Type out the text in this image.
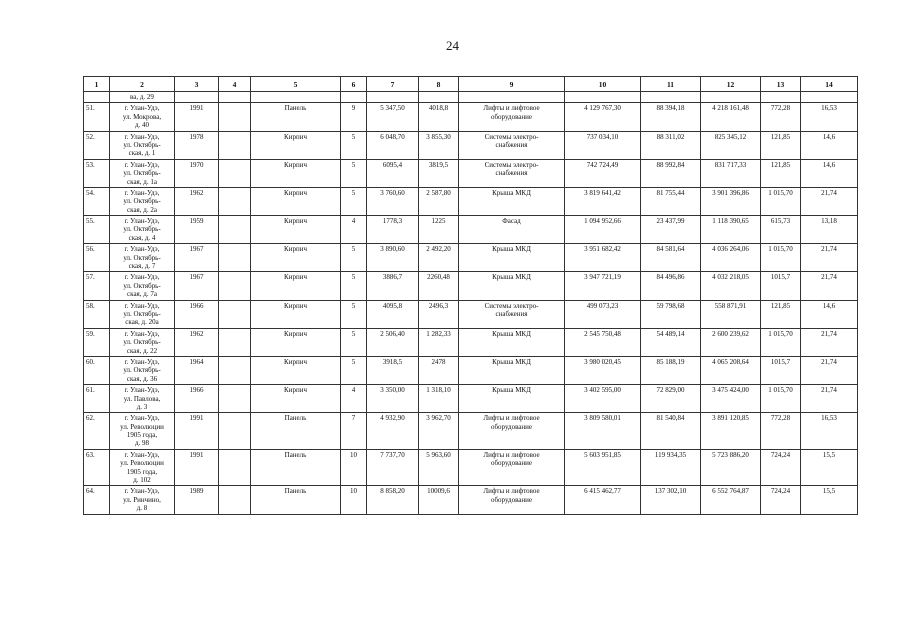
24
1	2	3	4	5	6	7	8	9	10	11	12	13	14
	ва, д. 29												
51.	г. Улан-Удэ,
ул. Мокрова,
д. 40	1991		Панель	9	5 347,50	4018,8	Лифты и лифтовое
оборудование	4 129 767,30	88 394,18	4 218 161,48	772,28	16,53
52.	г. Улан-Удэ,
ул. Октябрь-
ская, д. 1	1978		Кирпич	5	6 048,70	3 855,30	Системы электро-
снабжения	737 034,10	88 311,02	825 345,12	121,85	14,6
53.	г. Улан-Удэ,
ул. Октябрь-
ская, д. 1а	1970		Кирпич	5	6095,4	3819,5	Системы электро-
снабжения	742 724,49	88 992,84	831 717,33	121,85	14,6
54.	г. Улан-Удэ,
ул. Октябрь-
ская, д. 2а	1962		Кирпич	5	3 760,60	2 587,80	Крыша МКД	3 819 641,42	81 755,44	3 901 396,86	1 015,70	21,74
55.	г. Улан-Удэ,
ул. Октябрь-
ская, д. 4	1959		Кирпич	4	1778,3	1225	Фасад	1 094 952,66	23 437,99	1 118 390,65	615,73	13,18
56.	г. Улан-Удэ,
ул. Октябрь-
ская, д. 7	1967		Кирпич	5	3 890,60	2 492,20	Крыша МКД	3 951 682,42	84 581,64	4 036 264,06	1 015,70	21,74
57.	г. Улан-Удэ,
ул. Октябрь-
ская, д. 7а	1967		Кирпич	5	3886,7	2260,48	Крыша МКД	3 947 721,19	84 496,86	4 032 218,05	1015,7	21,74
58.	г. Улан-Удэ,
ул. Октябрь-
ская, д. 20а	1966		Кирпич	5	4095,8	2496,3	Системы электро-
снабжения	499 073,23	59 798,68	558 871,91	121,85	14,6
59.	г. Улан-Удэ,
ул. Октябрь-
ская, д. 22	1962		Кирпич	5	2 506,40	1 282,33	Крыша МКД	2 545 750,48	54 489,14	2 600 239,62	1 015,70	21,74
60.	г. Улан-Удэ,
ул. Октябрь-
ская, д. 36	1964		Кирпич	5	3918,5	2478	Крыша МКД	3 980 020,45	85 188,19	4 065 208,64	1015,7	21,74
61.	г. Улан-Удэ,
ул. Павлова,
д. 3	1966		Кирпич	4	3 350,00	1 318,10	Крыша МКД	3 402 595,00	72 829,00	3 475 424,00	1 015,70	21,74
62.	г. Улан-Удэ,
ул. Революции
1905 года,
д. 98	1991		Панель	7	4 932,90	3 962,70	Лифты и лифтовое
оборудование	3 809 580,01	81 540,84	3 891 120,85	772,28	16,53
63.	г. Улан-Удэ,
ул. Революции
1905 года,
д. 102	1991		Панель	10	7 737,70	5 963,60	Лифты и лифтовое
оборудование	5 603 951,85	119 934,35	5 723 886,20	724,24	15,5
64.	г. Улан-Удэ,
ул. Ринчино,
д. 8	1989		Панель	10	8 858,20	10009,6	Лифты и лифтовое
оборудование	6 415 462,77	137 302,10	6 552 764,87	724,24	15,5
